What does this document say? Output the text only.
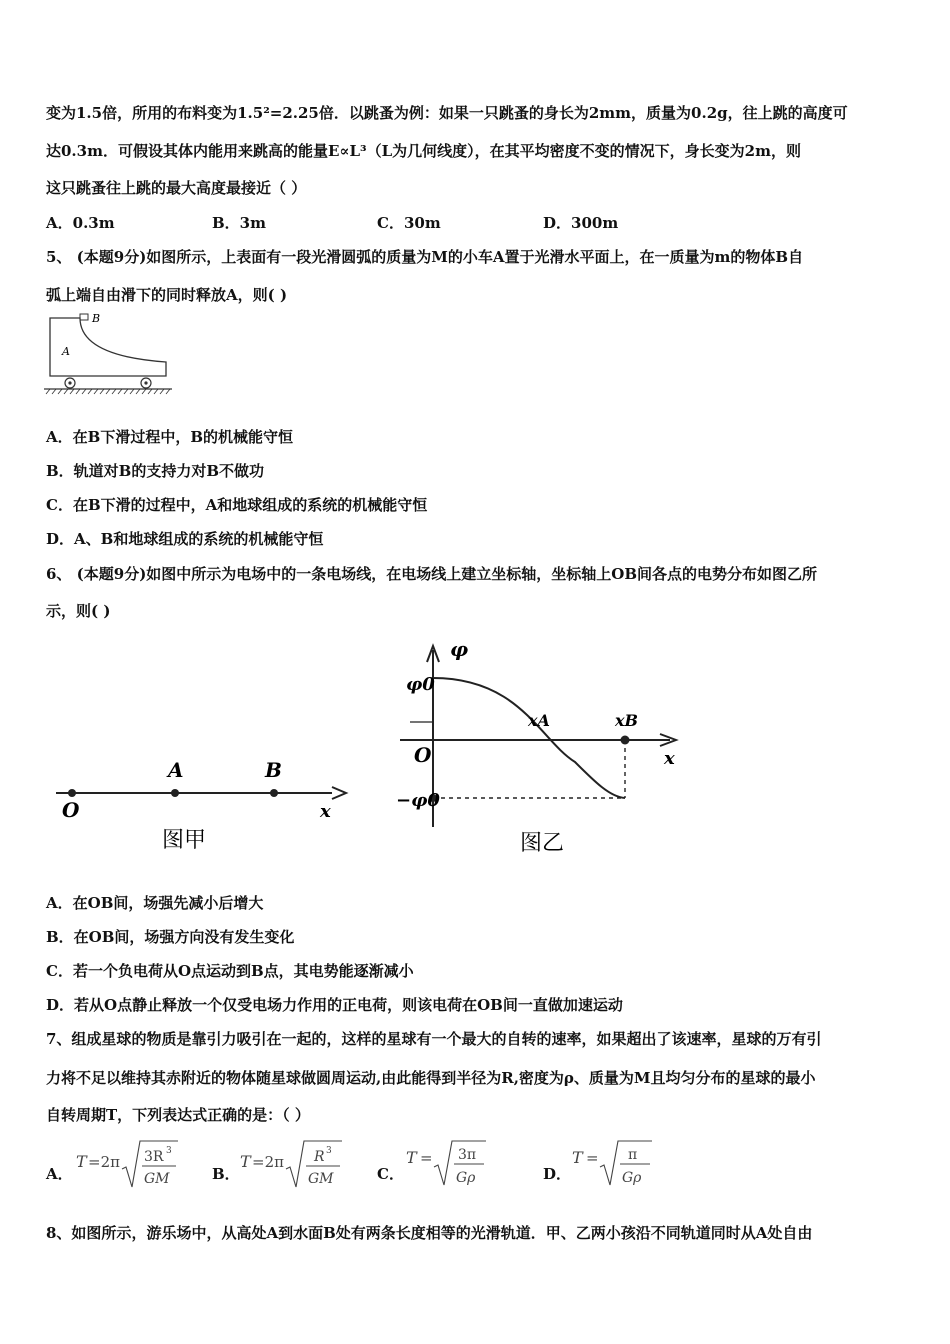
变为1.5倍，所用的布料变为1.5²=2.25倍．以跳蚤为例：如果一只跳蚤的身长为2mm，质量为0.2g，往上跳的高度可
达0.3m．可假设其体内能用来跳高的能量E∝L³（L为几何线度），在其平均密度不变的情况下，身长变为2m，则
这只跳蚤往上跳的最大高度最接近（ ）
A．0.3m	B．3m	C．30m	D．300m
5、 (本题9分)如图所示，上表面有一段光滑圆弧的质量为M的小车A置于光滑水平面上，在一质量为m的物体B自
弧上端自由滑下的同时释放A，则( )
B
A
A．在B下滑过程中，B的机械能守恒
B．轨道对B的支持力对B不做功
C．在B下滑的过程中，A和地球组成的系统的机械能守恒
D．A、B和地球组成的系统的机械能守恒
6、 (本题9分)如图中所示为电场中的一条电场线，在电场线上建立坐标轴，坐标轴上OB间各点的电势分布如图乙所
示，则( )
O
A	B
x
图甲
φ
φ0
−φ0
O
xA	xB
x
图乙
A．在OB间，场强先减小后增大
B．在OB间，场强方向没有发生变化
C．若一个负电荷从O点运动到B点，其电势能逐渐减小
D．若从O点静止释放一个仅受电场力作用的正电荷，则该电荷在OB间一直做加速运动
7、组成星球的物质是靠引力吸引在一起的，这样的星球有一个最大的自转的速率，如果超出了该速率，星球的万有引
力将不足以维持其赤附近的物体随星球做圆周运动,由此能得到半径为R,密度为ρ、质量为M且均匀分布的星球的最小
自转周期T，下列表达式正确的是：（ ）
A．
T =2π 3R 3
GM	B．
T =2π R 3
GM	C．
T = 3π
Gρ	D．
T = π
Gρ
8、如图所示，游乐场中，从高处A到水面B处有两条长度相等的光滑轨道．甲、乙两小孩沿不同轨道同时从A处自由
